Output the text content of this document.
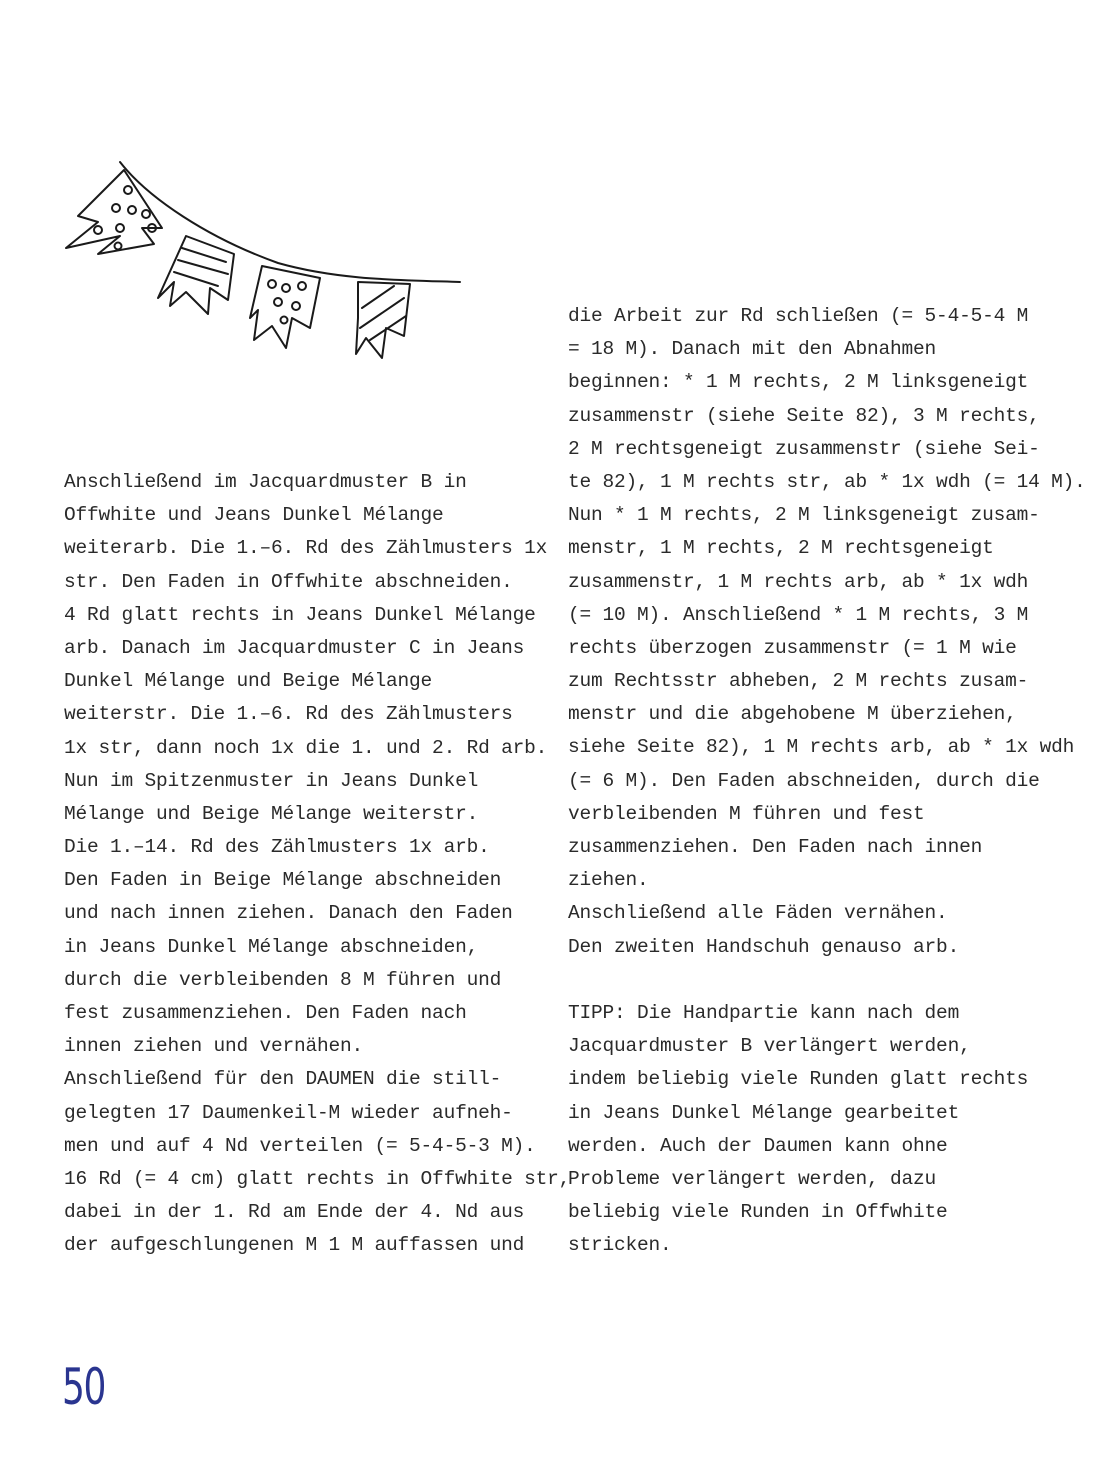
Anschließend im Jacquardmuster B in
Offwhite und Jeans Dunkel Mélange
weiterarb. Die 1.–6. Rd des Zählmusters 1x
str. Den Faden in Offwhite abschneiden.
4 Rd glatt rechts in Jeans Dunkel Mélange
arb. Danach im Jacquardmuster C in Jeans
Dunkel Mélange und Beige Mélange
weiterstr. Die 1.–6. Rd des Zählmusters
1x str, dann noch 1x die 1. und 2. Rd arb.
Nun im Spitzenmuster in Jeans Dunkel
Mélange und Beige Mélange weiterstr.
Die 1.–14. Rd des Zählmusters 1x arb.
Den Faden in Beige Mélange abschneiden
und nach innen ziehen. Danach den Faden
in Jeans Dunkel Mélange abschneiden,
durch die verbleibenden 8 M führen und
fest zusammenziehen. Den Faden nach
innen ziehen und vernähen.
Anschließend für den DAUMEN die still-
gelegten 17 Daumenkeil-M wieder aufneh-
men und auf 4 Nd verteilen (= 5-4-5-3 M).
16 Rd (= 4 cm) glatt rechts in Offwhite str,
dabei in der 1. Rd am Ende der 4. Nd aus
der aufgeschlungenen M 1 M auffassen und
die Arbeit zur Rd schließen (= 5-4-5-4 M
= 18 M). Danach mit den Abnahmen
beginnen: * 1 M rechts, 2 M linksgeneigt
zusammenstr (siehe Seite 82), 3 M rechts,
2 M rechtsgeneigt zusammenstr (siehe Sei-
te 82), 1 M rechts str, ab * 1x wdh (= 14 M).
Nun * 1 M rechts, 2 M linksgeneigt zusam-
menstr, 1 M rechts, 2 M rechtsgeneigt
zusammenstr, 1 M rechts arb, ab * 1x wdh
(= 10 M). Anschließend * 1 M rechts, 3 M
rechts überzogen zusammenstr (= 1 M wie
zum Rechtsstr abheben, 2 M rechts zusam-
menstr und die abgehobene M überziehen,
siehe Seite 82), 1 M rechts arb, ab * 1x wdh
(= 6 M). Den Faden abschneiden, durch die
verbleibenden M führen und fest
zusammenziehen. Den Faden nach innen
ziehen.
Anschließend alle Fäden vernähen.
Den zweiten Handschuh genauso arb.
TIPP: Die Handpartie kann nach dem
Jacquardmuster B verlängert werden,
indem beliebig viele Runden glatt rechts
in Jeans Dunkel Mélange gearbeitet
werden. Auch der Daumen kann ohne
Probleme verlängert werden, dazu
beliebig viele Runden in Offwhite
stricken.
50
